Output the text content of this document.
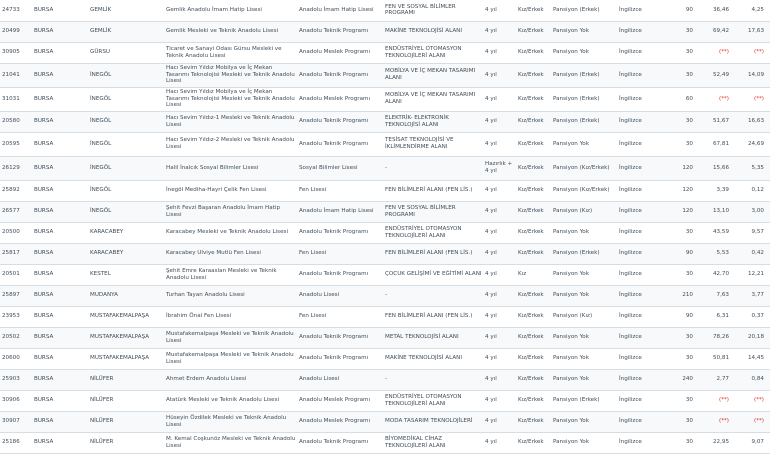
24733	BURSA	GEMLİK	Gemlik Anadolu İmam Hatip Lisesi	Anadolu İmam Hatip Lisesi	FEN VE SOSYAL BİLİMLER PROGRAMI	4 yıl	Kız/Erkek	Pansiyon (Erkek)	İngilizce	90	36,46	4,25
20499	BURSA	GEMLİK	Gemlik Mesleki ve Teknik Anadolu Lisesi	Anadolu Teknik Programı	MAKİNE TEKNOLOJİSİ ALANI	4 yıl	Kız/Erkek	Pansiyon Yok	İngilizce	30	69,42	17,63
30905	BURSA	GÜRSU	Ticaret ve Sanayi Odası Gürsu Mesleki ve Teknik Anadolu Lisesi	Anadolu Meslek Programı	ENDÜSTRİYEL OTOMASYON TEKNOLOJİLERİ ALANI	4 yıl	Kız/Erkek	Pansiyon Yok	İngilizce	30	(**)	(**)
21041	BURSA	İNEGÖL	Hacı Sevim Yıldız Mobilya ve İç Mekan Tasarımı Teknolojisi Mesleki ve Teknik Anadolu Lisesi	Anadolu Teknik Programı	MOBİLYA VE İÇ MEKAN TASARIMI ALANI	4 yıl	Kız/Erkek	Pansiyon (Erkek)	İngilizce	30	52,49	14,09
31031	BURSA	İNEGÖL	Hacı Sevim Yıldız Mobilya ve İç Mekan Tasarımı Teknolojisi Mesleki ve Teknik Anadolu Lisesi	Anadolu Meslek Programı	MOBİLYA VE İÇ MEKAN TASARIMI ALANI	4 yıl	Kız/Erkek	Pansiyon (Erkek)	İngilizce	60	(**)	(**)
20580	BURSA	İNEGÖL	Hacı Sevim Yıldız-1 Mesleki ve Teknik Anadolu Lisesi	Anadolu Teknik Programı	ELEKTRİK- ELEKTRONİK TEKNOLOJİSİ ALANI	4 yıl	Kız/Erkek	Pansiyon (Erkek)	İngilizce	30	51,67	16,63
20595	BURSA	İNEGÖL	Hacı Sevim Yıldız-2 Mesleki ve Teknik Anadolu Lisesi	Anadolu Teknik Programı	TESİSAT TEKNOLOJİSİ VE İKLİMLENDİRME ALANI	4 yıl	Kız/Erkek	Pansiyon Yok	İngilizce	30	67,81	24,69
26129	BURSA	İNEGÖL	Halil İnalcık Sosyal Bilimler Lisesi	Sosyal Bilimler Lisesi	-	Hazırlık + 4 yıl	Kız/Erkek	Pansiyon (Kız/Erkek)	İngilizce	120	15,66	5,35
25892	BURSA	İNEGÖL	İnegöl Mediha-Hayri Çelik Fen Lisesi	Fen Lisesi	FEN BİLİMLERİ ALANI (FEN LİS.)	4 yıl	Kız/Erkek	Pansiyon (Kız/Erkek)	İngilizce	120	3,39	0,12
26577	BURSA	İNEGÖL	Şehit Fevzi Başaran Anadolu İmam Hatip Lisesi	Anadolu İmam Hatip Lisesi	FEN VE SOSYAL BİLİMLER PROGRAMI	4 yıl	Kız/Erkek	Pansiyon (Kız)	İngilizce	120	13,10	3,00
20500	BURSA	KARACABEY	Karacabey Mesleki ve Teknik Anadolu Lisesi	Anadolu Teknik Programı	ENDÜSTRİYEL OTOMASYON TEKNOLOJİLERİ ALANI	4 yıl	Kız/Erkek	Pansiyon Yok	İngilizce	30	43,59	9,57
25817	BURSA	KARACABEY	Karacabey Ulviye Mutlü Fen Lisesi	Fen Lisesi	FEN BİLİMLERİ ALANI (FEN LİS.)	4 yıl	Kız/Erkek	Pansiyon (Erkek)	İngilizce	90	5,53	0,42
20501	BURSA	KESTEL	Şehit Emre Karaaslan Mesleki ve Teknik Anadolu Lisesi	Anadolu Teknik Programı	ÇOCUK GELİŞİMİ VE EĞİTİMİ ALANI	4 yıl	Kız	Pansiyon Yok	İngilizce	30	42,70	12,21
25897	BURSA	MUDANYA	Turhan Tayan Anadolu Lisesi	Anadolu Lisesi	-	4 yıl	Kız/Erkek	Pansiyon Yok	İngilizce	210	7,63	3,77
23953	BURSA	MUSTAFAKEMALPAŞA	İbrahim Önal Fen Lisesi	Fen Lisesi	FEN BİLİMLERİ ALANI (FEN LİS.)	4 yıl	Kız/Erkek	Pansiyon (Kız)	İngilizce	90	6,31	0,37
20502	BURSA	MUSTAFAKEMALPAŞA	Mustafakemalpaşa Mesleki ve Teknik Anadolu Lisesi	Anadolu Teknik Programı	METAL TEKNOLOJİSİ ALANI	4 yıl	Kız/Erkek	Pansiyon Yok	İngilizce	30	78,26	20,18
20600	BURSA	MUSTAFAKEMALPAŞA	Mustafakemalpaşa Mesleki ve Teknik Anadolu Lisesi	Anadolu Teknik Programı	MAKİNE TEKNOLOJİSİ ALANI	4 yıl	Kız/Erkek	Pansiyon Yok	İngilizce	30	50,81	14,45
25903	BURSA	NİLÜFER	Ahmet Erdem Anadolu Lisesi	Anadolu Lisesi	-	4 yıl	Kız/Erkek	Pansiyon Yok	İngilizce	240	2,77	0,84
30906	BURSA	NİLÜFER	Atatürk Mesleki ve Teknik Anadolu Lisesi	Anadolu Meslek Programı	ENDÜSTRİYEL OTOMASYON TEKNOLOJİLERİ ALANI	4 yıl	Kız/Erkek	Pansiyon (Erkek)	İngilizce	30	(**)	(**)
30907	BURSA	NİLÜFER	Hüseyin Özdilek Mesleki ve Teknik Anadolu Lisesi	Anadolu Meslek Programı	MODA TASARIM TEKNOLOJİLERİ	4 yıl	Kız/Erkek	Pansiyon Yok	İngilizce	30	(**)	(**)
25186	BURSA	NİLÜFER	M. Kemal Coşkunöz Mesleki ve Teknik Anadolu Lisesi	Anadolu Teknik Programı	BİYOMEDİKAL CİHAZ TEKNOLOJİLERİ ALANI	4 yıl	Kız/Erkek	Pansiyon Yok	İngilizce	30	22,95	9,07
